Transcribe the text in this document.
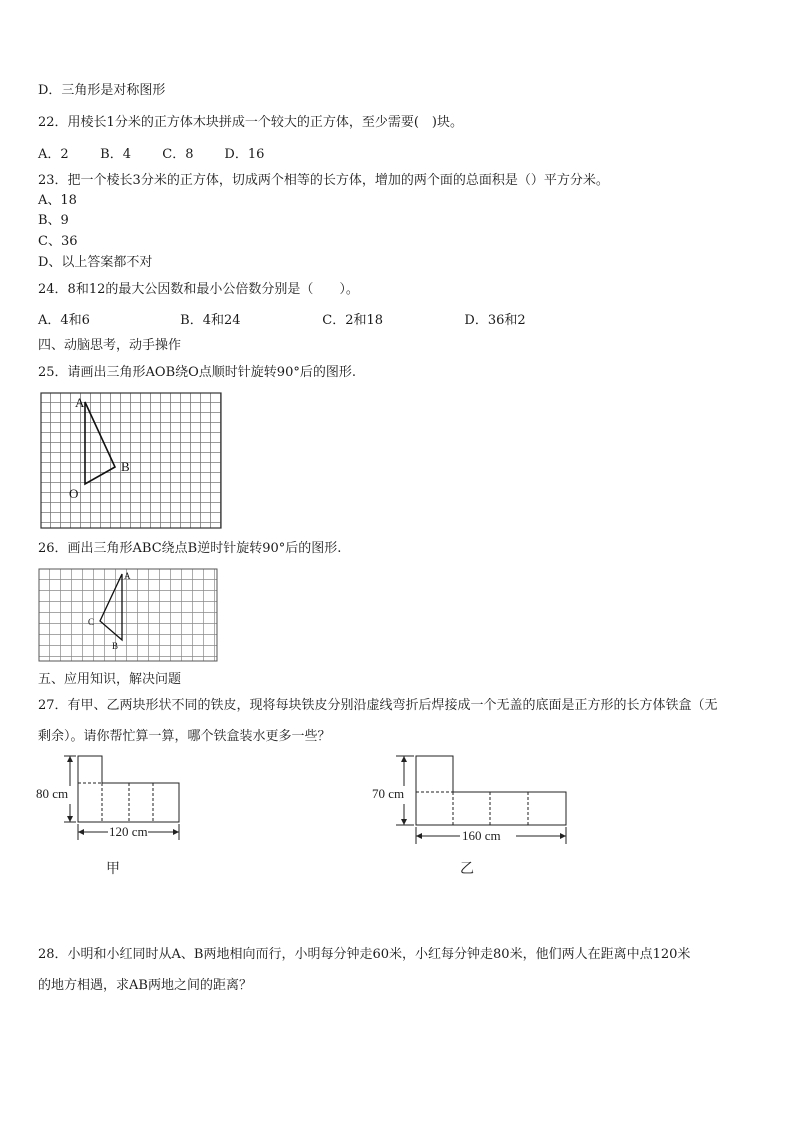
D．三角形是对称图形
22．用棱长1分米的正方体木块拼成一个较大的正方体，至少需要(　)块。
A．2 B．4 C．8 D．16
23．把一个棱长3分米的正方体，切成两个相等的长方体，增加的两个面的总面积是（）平方分米。
A、18
B、9
C、36
D、以上答案都不对
24．8和12的最大公因数和最小公倍数分别是（　　）。
A．4和6	B．4和24	C．2和18	D．36和2
四、动脑思考，动手操作
25．请画出三角形AOB绕O点顺时针旋转90°后的图形.
A
B
O
26．画出三角形ABC绕点B逆时针旋转90°后的图形.
A
C
B
五、应用知识，解决问题
27．有甲、乙两块形状不同的铁皮，现将每块铁皮分别沿虚线弯折后焊接成一个无盖的底面是正方形的长方体铁盒（无
剩余）。请你帮忙算一算，哪个铁盒装水更多一些？
80 cm
120 cm
甲
70 cm
160 cm
乙
28．小明和小红同时从A、B两地相向而行，小明每分钟走60米，小红每分钟走80米，他们两人在距离中点120米
的地方相遇，求AB两地之间的距离？
